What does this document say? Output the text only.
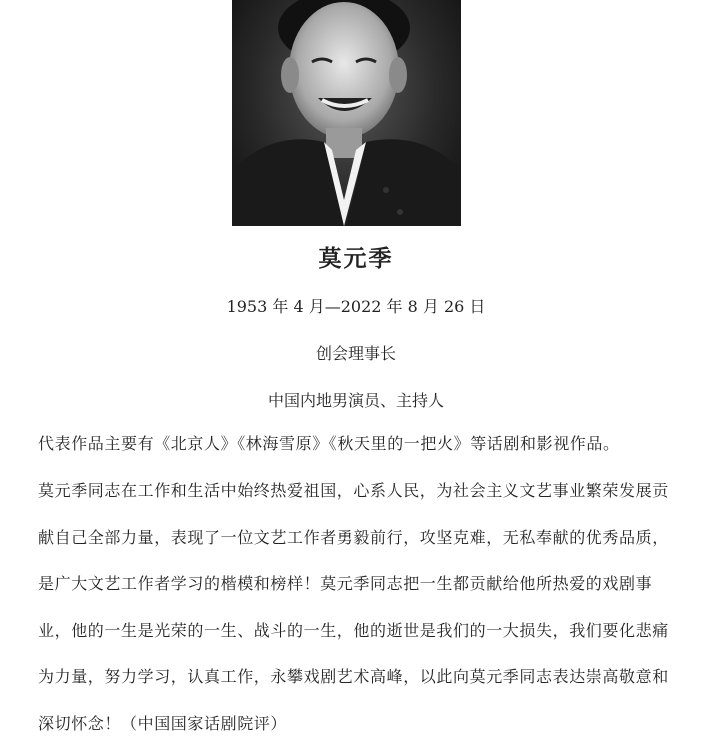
莫元季
1953 年 4 月—2022 年 8 月 26 日
创会理事长
中国内地男演员、主持人
代表作品主要有《北京人》《林海雪原》《秋天里的一把火》等话剧和影视作品。
莫元季同志在工作和生活中始终热爱祖国，心系人民，为社会主义文艺事业繁荣发展贡献自己全部力量，表现了一位文艺工作者勇毅前行，攻坚克难，无私奉献的优秀品质，是广大文艺工作者学习的楷模和榜样！莫元季同志把一生都贡献给他所热爱的戏剧事业，他的一生是光荣的一生、战斗的一生，他的逝世是我们的一大损失，我们要化悲痛为力量，努力学习，认真工作，永攀戏剧艺术高峰，以此向莫元季同志表达崇高敬意和深切怀念！（中国国家话剧院评）
